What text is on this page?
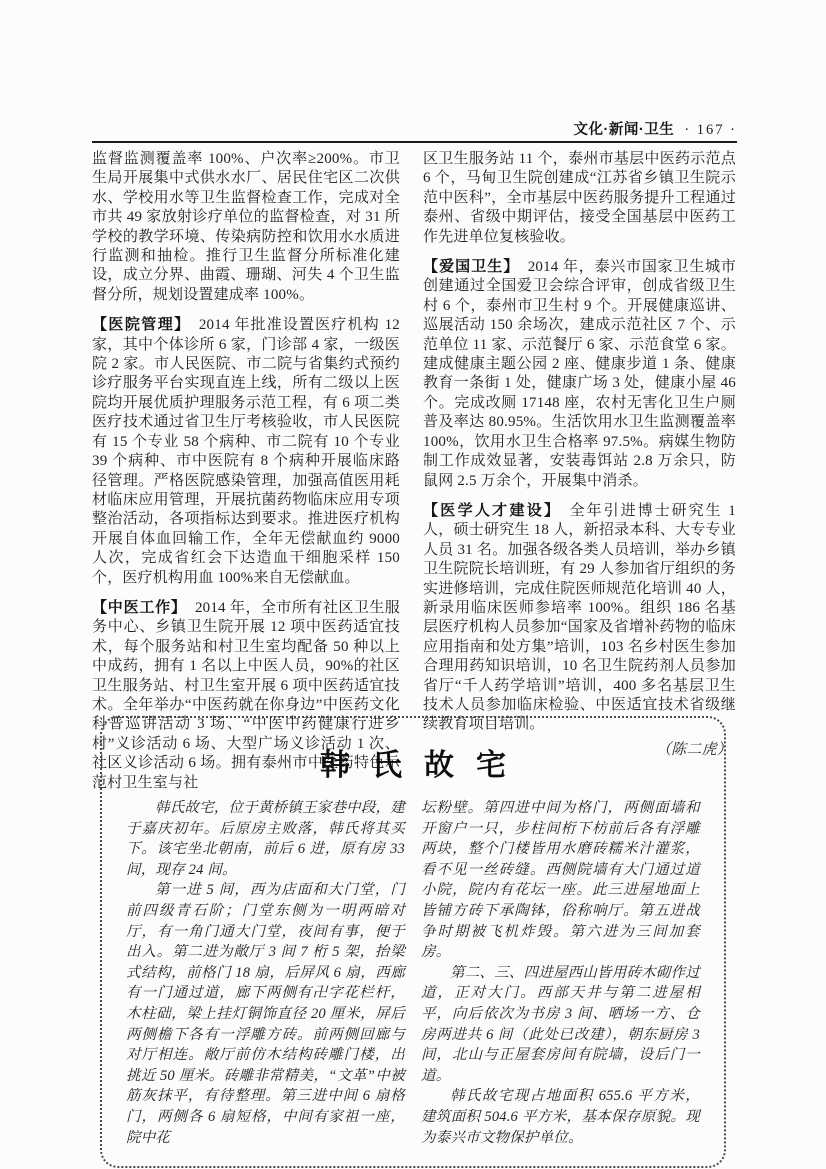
文化·新闻·卫生 · 167 ·

监督监测覆盖率 100%、户次率≥200%。市卫生局开展集中式供水水厂、居民住宅区二次供水、学校用水等卫生监督检查工作，完成对全市共 49 家放射诊疗单位的监督检查，对 31 所学校的教学环境、传染病防控和饮用水水质进行监测和抽检。推行卫生监督分所标准化建设，成立分界、曲霞、珊瑚、河失 4 个卫生监督分所，规划设置建成率 100%。

【医院管理】 2014 年批准设置医疗机构 12 家，其中个体诊所 6 家，门诊部 4 家，一级医院 2 家。市人民医院、市二院与省集约式预约诊疗服务平台实现直连上线，所有二级以上医院均开展优质护理服务示范工程，有 6 项二类医疗技术通过省卫生厅考核验收，市人民医院有 15 个专业 58 个病种、市二院有 10 个专业 39 个病种、市中医院有 8 个病种开展临床路径管理。严格医院感染管理，加强高值医用耗材临床应用管理，开展抗菌药物临床应用专项整治活动，各项指标达到要求。推进医疗机构开展自体血回输工作，全年无偿献血约 9000 人次，完成省红会下达造血干细胞采样 150 个，医疗机构用血 100%来自无偿献血。

【中医工作】 2014 年，全市所有社区卫生服务中心、乡镇卫生院开展 12 项中医药适宜技术，每个服务站和村卫生室均配备 50 种以上中成药，拥有 1 名以上中医人员，90%的社区卫生服务站、村卫生室开展 6 项中医药适宜技术。全年举办“中医药就在你身边”中医药文化科普巡讲活动 3 场、“中医中药健康行进乡村”义诊活动 6 场、大型广场义诊活动 1 次、社区义诊活动 6 场。拥有泰州市中医药特色示范村卫生室与社

区卫生服务站 11 个，泰州市基层中医药示范点 6 个，马甸卫生院创建成“江苏省乡镇卫生院示范中医科”，全市基层中医药服务提升工程通过泰州、省级中期评估，接受全国基层中医药工作先进单位复核验收。

【爱国卫生】 2014 年，泰兴市国家卫生城市创建通过全国爱卫会综合评审，创成省级卫生村 6 个，泰州市卫生村 9 个。开展健康巡讲、巡展活动 150 余场次，建成示范社区 7 个、示范单位 11 家、示范餐厅 6 家、示范食堂 6 家。建成健康主题公园 2 座、健康步道 1 条、健康教育一条街 1 处，健康广场 3 处，健康小屋 46 个。完成改厕 17148 座，农村无害化卫生户厕普及率达 80.95%。生活饮用水卫生监测覆盖率 100%，饮用水卫生合格率 97.5%。病媒生物防制工作成效显著，安装毒饵站 2.8 万余只，防鼠网 2.5 万余个，开展集中消杀。

【医学人才建设】 全年引进博士研究生 1 人，硕士研究生 18 人，新招录本科、大专专业人员 31 名。加强各级各类人员培训，举办乡镇卫生院院长培训班，有 29 人参加省厅组织的务实进修培训，完成住院医师规范化培训 40 人，新录用临床医师参培率 100%。组织 186 名基层医疗机构人员参加“国家及省增补药物的临床应用指南和处方集”培训，103 名乡村医生参加合理用药知识培训，10 名卫生院药剂人员参加省厅“千人药学培训”培训，400 多名基层卫生技术人员参加临床检验、中医适宜技术省级继续教育项目培训。

（陈二虎）
韩氏故宅

韩氏故宅，位于黄桥镇王家巷中段，建于嘉庆初年。后原房主败落，韩氏将其买下。该宅坐北朝南，前后 6 进，原有房 33 间，现存 24 间。

第一进 5 间，西为店面和大门堂，门前四级青石阶；门堂东侧为一明两暗对厅，有一角门通大门堂，夜间有事，便于出入。第二进为敞厅 3 间 7 桁 5 架，抬梁式结构，前格门 18 扇，后屏风 6 扇，西廊有一门通过道，廊下两侧有卍字花栏杆，木柱础，梁上挂灯铜饰直径 20 厘米，屏后两侧檐下各有一浮雕方砖。前两侧回廊与对厅相连。敞厅前仿木结构砖雕门楼，出挑近 50 厘米。砖雕非常精美，“文革”中被筋灰抹平，有待整理。第三进中间 6 扇格门，两侧各 6 扇短格，中间有家祖一座，院中花

坛粉壁。第四进中间为格门，两侧面墙和开窗户一只，步柱间桁下枋前后各有浮雕两块，整个门楼皆用水磨砖糯米汁灌浆，看不见一丝砖缝。西侧院墙有大门通过道小院，院内有花坛一座。此三进屋地面上皆铺方砖下承陶钵，俗称响厅。第五进战争时期被飞机炸毁。第六进为三间加套房。

第二、三、四进屋西山皆用砖木砌作过道，正对大门。西部天井与第二进屋相平，向后依次为书房 3 间、晒场一方、仓房两进共 6 间（此处已改建），朝东厨房 3 间，北山与正屋套房间有院墙，设后门一道。

韩氏故宅现占地面积 655.6 平方米， 建筑面积 504.6 平方米，基本保存原貌。现为泰兴市文物保护单位。
